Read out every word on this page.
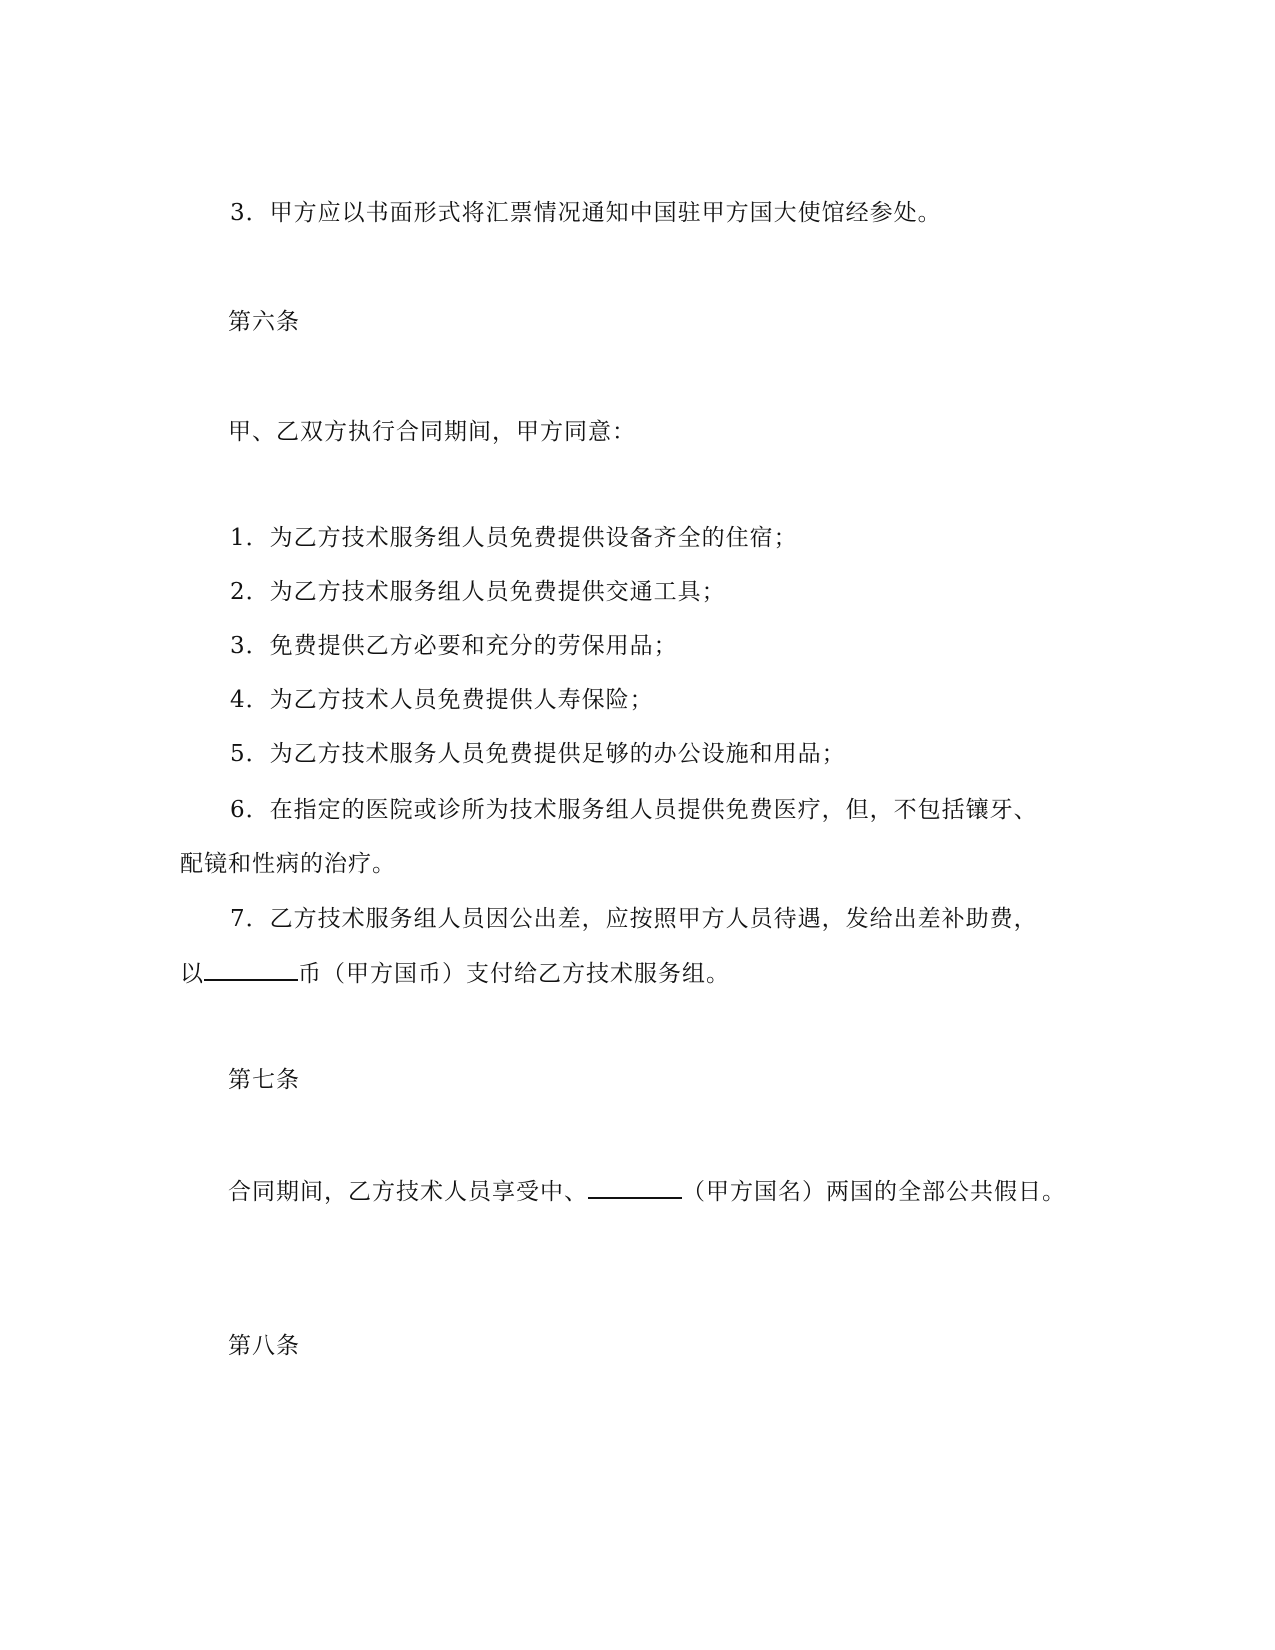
3．甲方应以书面形式将汇票情况通知中国驻甲方国大使馆经参处。
第六条
甲、乙双方执行合同期间，甲方同意：
1．为乙方技术服务组人员免费提供设备齐全的住宿；
2．为乙方技术服务组人员免费提供交通工具；
3．免费提供乙方必要和充分的劳保用品；
4．为乙方技术人员免费提供人寿保险；
5．为乙方技术服务人员免费提供足够的办公设施和用品；
6．在指定的医院或诊所为技术服务组人员提供免费医疗，但，不包括镶牙、
配镜和性病的治疗。
7．乙方技术服务组人员因公出差，应按照甲方人员待遇，发给出差补助费，
以	币（甲方国币）支付给乙方技术服务组。
第七条
合同期间，乙方技术人员享受中、	（甲方国名）两国的全部公共假日。
第八条
